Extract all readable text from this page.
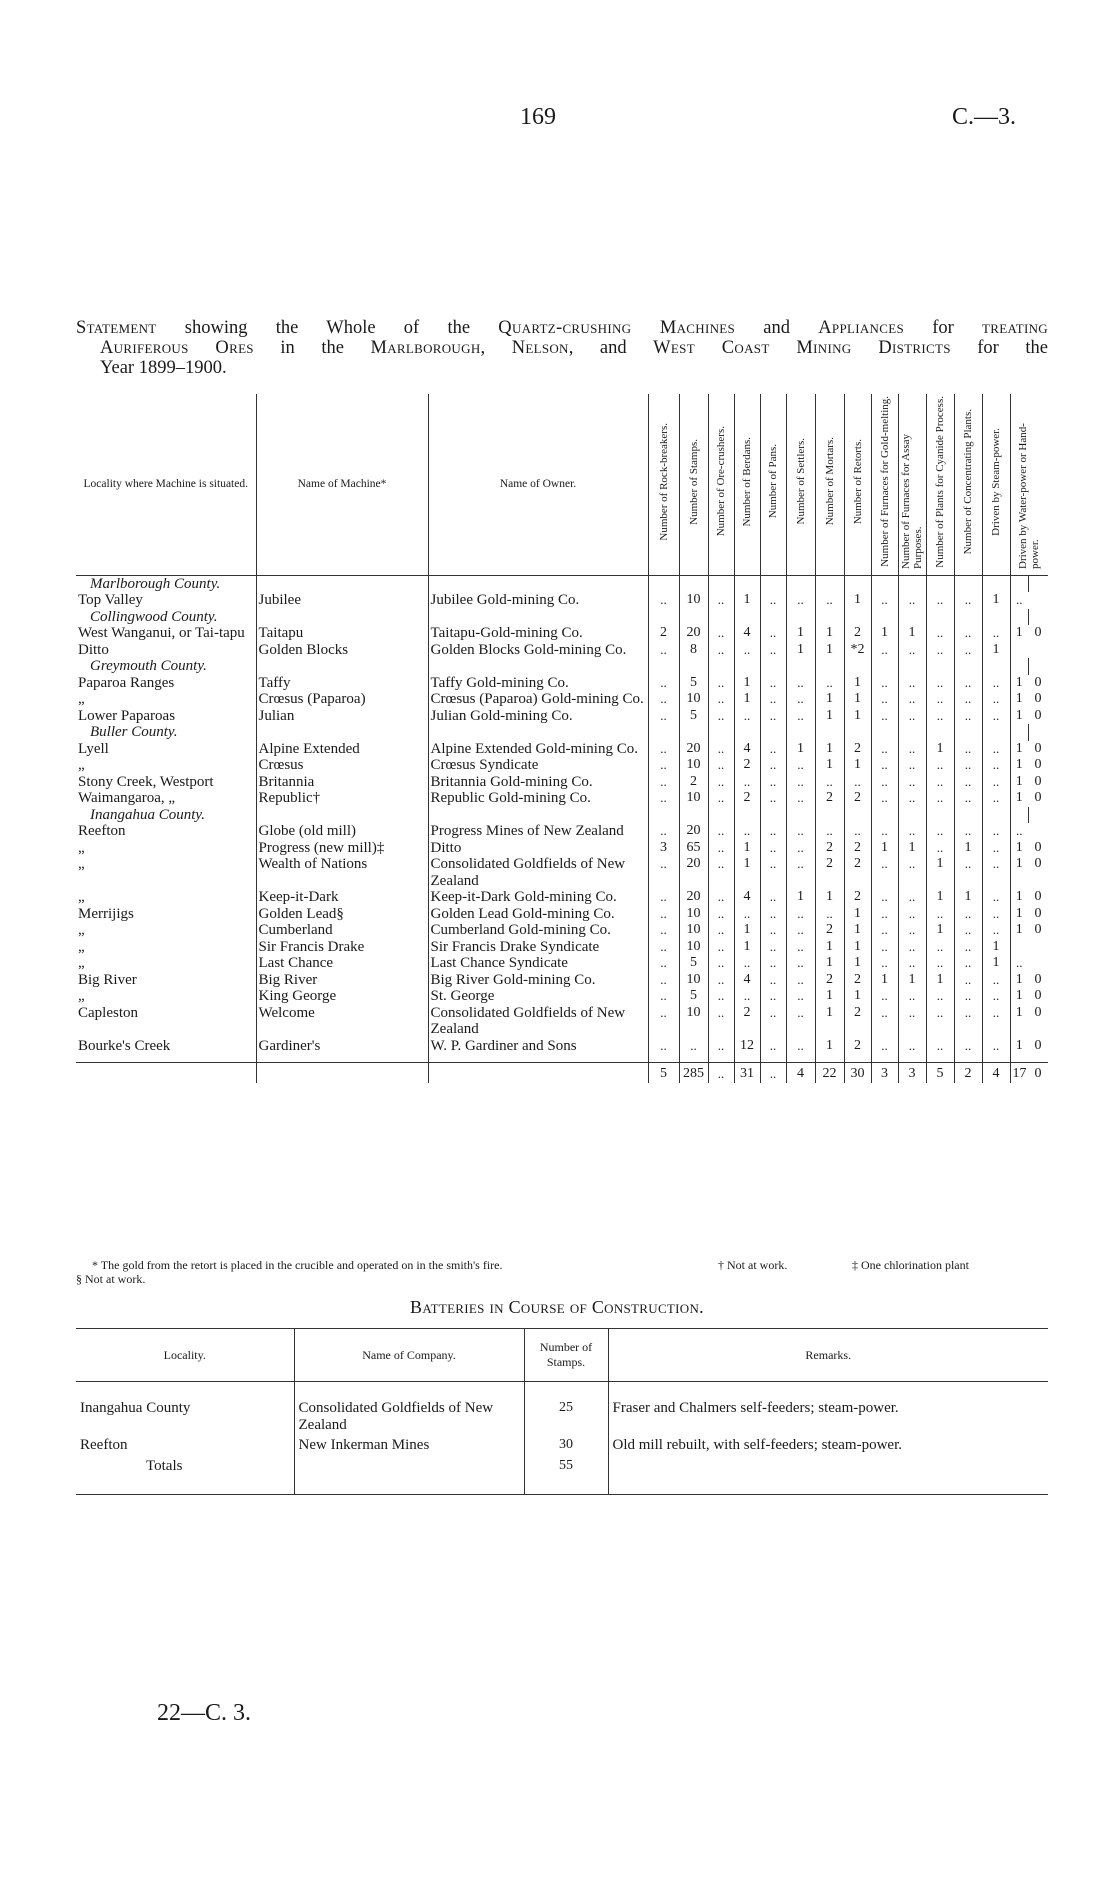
169	C.—3.

Statement showing the Whole of the Quartz-crushing Machines and Appliances for treating

Auriferous Ores in the Marlborough, Nelson, and West Coast Mining Districts for the

Year 1899–1900.

Locality where Machine is situated.	Name of Machine*	Name of Owner.	Number of Rock-breakers.	Number of Stamps.	Number of Ore-crushers.	Number of Berdans.	Number of Pans.	Number of Settlers.	Number of Mortars.	Number of Retorts.	Number of Furnaces for Gold-melting.	Number of Furnaces for Assay Purposes.	Number of Plants for Cyanide Process.	Number of Concentrating Plants.	Driven by Steam-power.	Driven by Water-power or Hand-power.	
Marlborough County.																	
Top Valley	Jubilee	Jubilee Gold-mining Co.	..	10	..	1	..	..	..	1	..	..	..	..	1	..	
Collingwood County.																	
West Wanganui, or Tai-tapu	Taitapu	Taitapu-Gold-mining Co.	2	20	..	4	..	1	1	2	1	1	..	..	..	1	0
Ditto	Golden Blocks	Golden Blocks Gold-mining Co.	..	8	..	..	..	1	1	*2	..	..	..	..	1		
Greymouth County.																	
Paparoa Ranges	Taffy	Taffy Gold-mining Co.	..	5	..	1	..	..	..	1	..	..	..	..	..	1	0
„	Crœsus (Paparoa)	Crœsus (Paparoa) Gold-mining Co.	..	10	..	1	..	..	1	1	..	..	..	..	..	1	0
Lower Paparoas	Julian	Julian Gold-mining Co.	..	5	..	..	..	..	1	1	..	..	..	..	..	1	0
Buller County.																	
Lyell	Alpine Extended	Alpine Extended Gold-mining Co.	..	20	..	4	..	1	1	2	..	..	1	..	..	1	0
„	Crœsus	Crœsus Syndicate	..	10	..	2	..	..	1	1	..	..	..	..	..	1	0
Stony Creek, Westport	Britannia	Britannia Gold-mining Co.	..	2	..	..	..	..	..	..	..	..	..	..	..	1	0
Waimangaroa, „	Republic†	Republic Gold-mining Co.	..	10	..	2	..	..	2	2	..	..	..	..	..	1	0
Inangahua County.																	
Reefton	Globe (old mill)	Progress Mines of New Zealand	..	20	..	..	..	..	..	..	..	..	..	..	..	..	
„	Progress (new mill)‡	Ditto	3	65	..	1	..	..	2	2	1	1	..	1	..	1	0
„	Wealth of Nations	Consolidated Goldfields of New Zealand	..	20	..	1	..	..	2	2	..	..	1	..	..	1	0
„	Keep-it-Dark	Keep-it-Dark Gold-mining Co.	..	20	..	4	..	1	1	2	..	..	1	1	..	1	0
Merrijigs	Golden Lead§	Golden Lead Gold-mining Co.	..	10	..	..	..	..	..	1	..	..	..	..	..	1	0
„	Cumberland	Cumberland Gold-mining Co.	..	10	..	1	..	..	2	1	..	..	1	..	..	1	0
„	Sir Francis Drake	Sir Francis Drake Syndicate	..	10	..	1	..	..	1	1	..	..	..	..	1		
„	Last Chance	Last Chance Syndicate	..	5	..	..	..	..	1	1	..	..	..	..	1	..	
Big River	Big River	Big River Gold-mining Co.	..	10	..	4	..	..	2	2	1	1	1	..	..	1	0
„	King George	St. George	..	5	..	..	..	..	1	1	..	..	..	..	..	1	0
Capleston	Welcome	Consolidated Goldfields of New Zealand	..	10	..	2	..	..	1	2	..	..	..	..	..	1	0
Bourke's Creek	Gardiner's	W. P. Gardiner and Sons	..	..	..	12	..	..	1	2	..	..	..	..	..	1	0
			5	285	..	31	..	4	22	30	3	3	5	2	4	17	0
* The gold from the retort is placed in the crucible and operated on in the smith's fire.	† Not at work.	‡ One chlorination plant
§ Not at work.
Batteries in Course of Construction.
Locality.	Name of Company.	Number of Stamps.	Remarks.
Inangahua County	Consolidated Goldfields of New Zealand	25	Fraser and Chalmers self-feeders; steam-power.
Reefton	New Inkerman Mines	30	Old mill rebuilt, with self-feeders; steam-power.
Totals		55	
22—C. 3.
